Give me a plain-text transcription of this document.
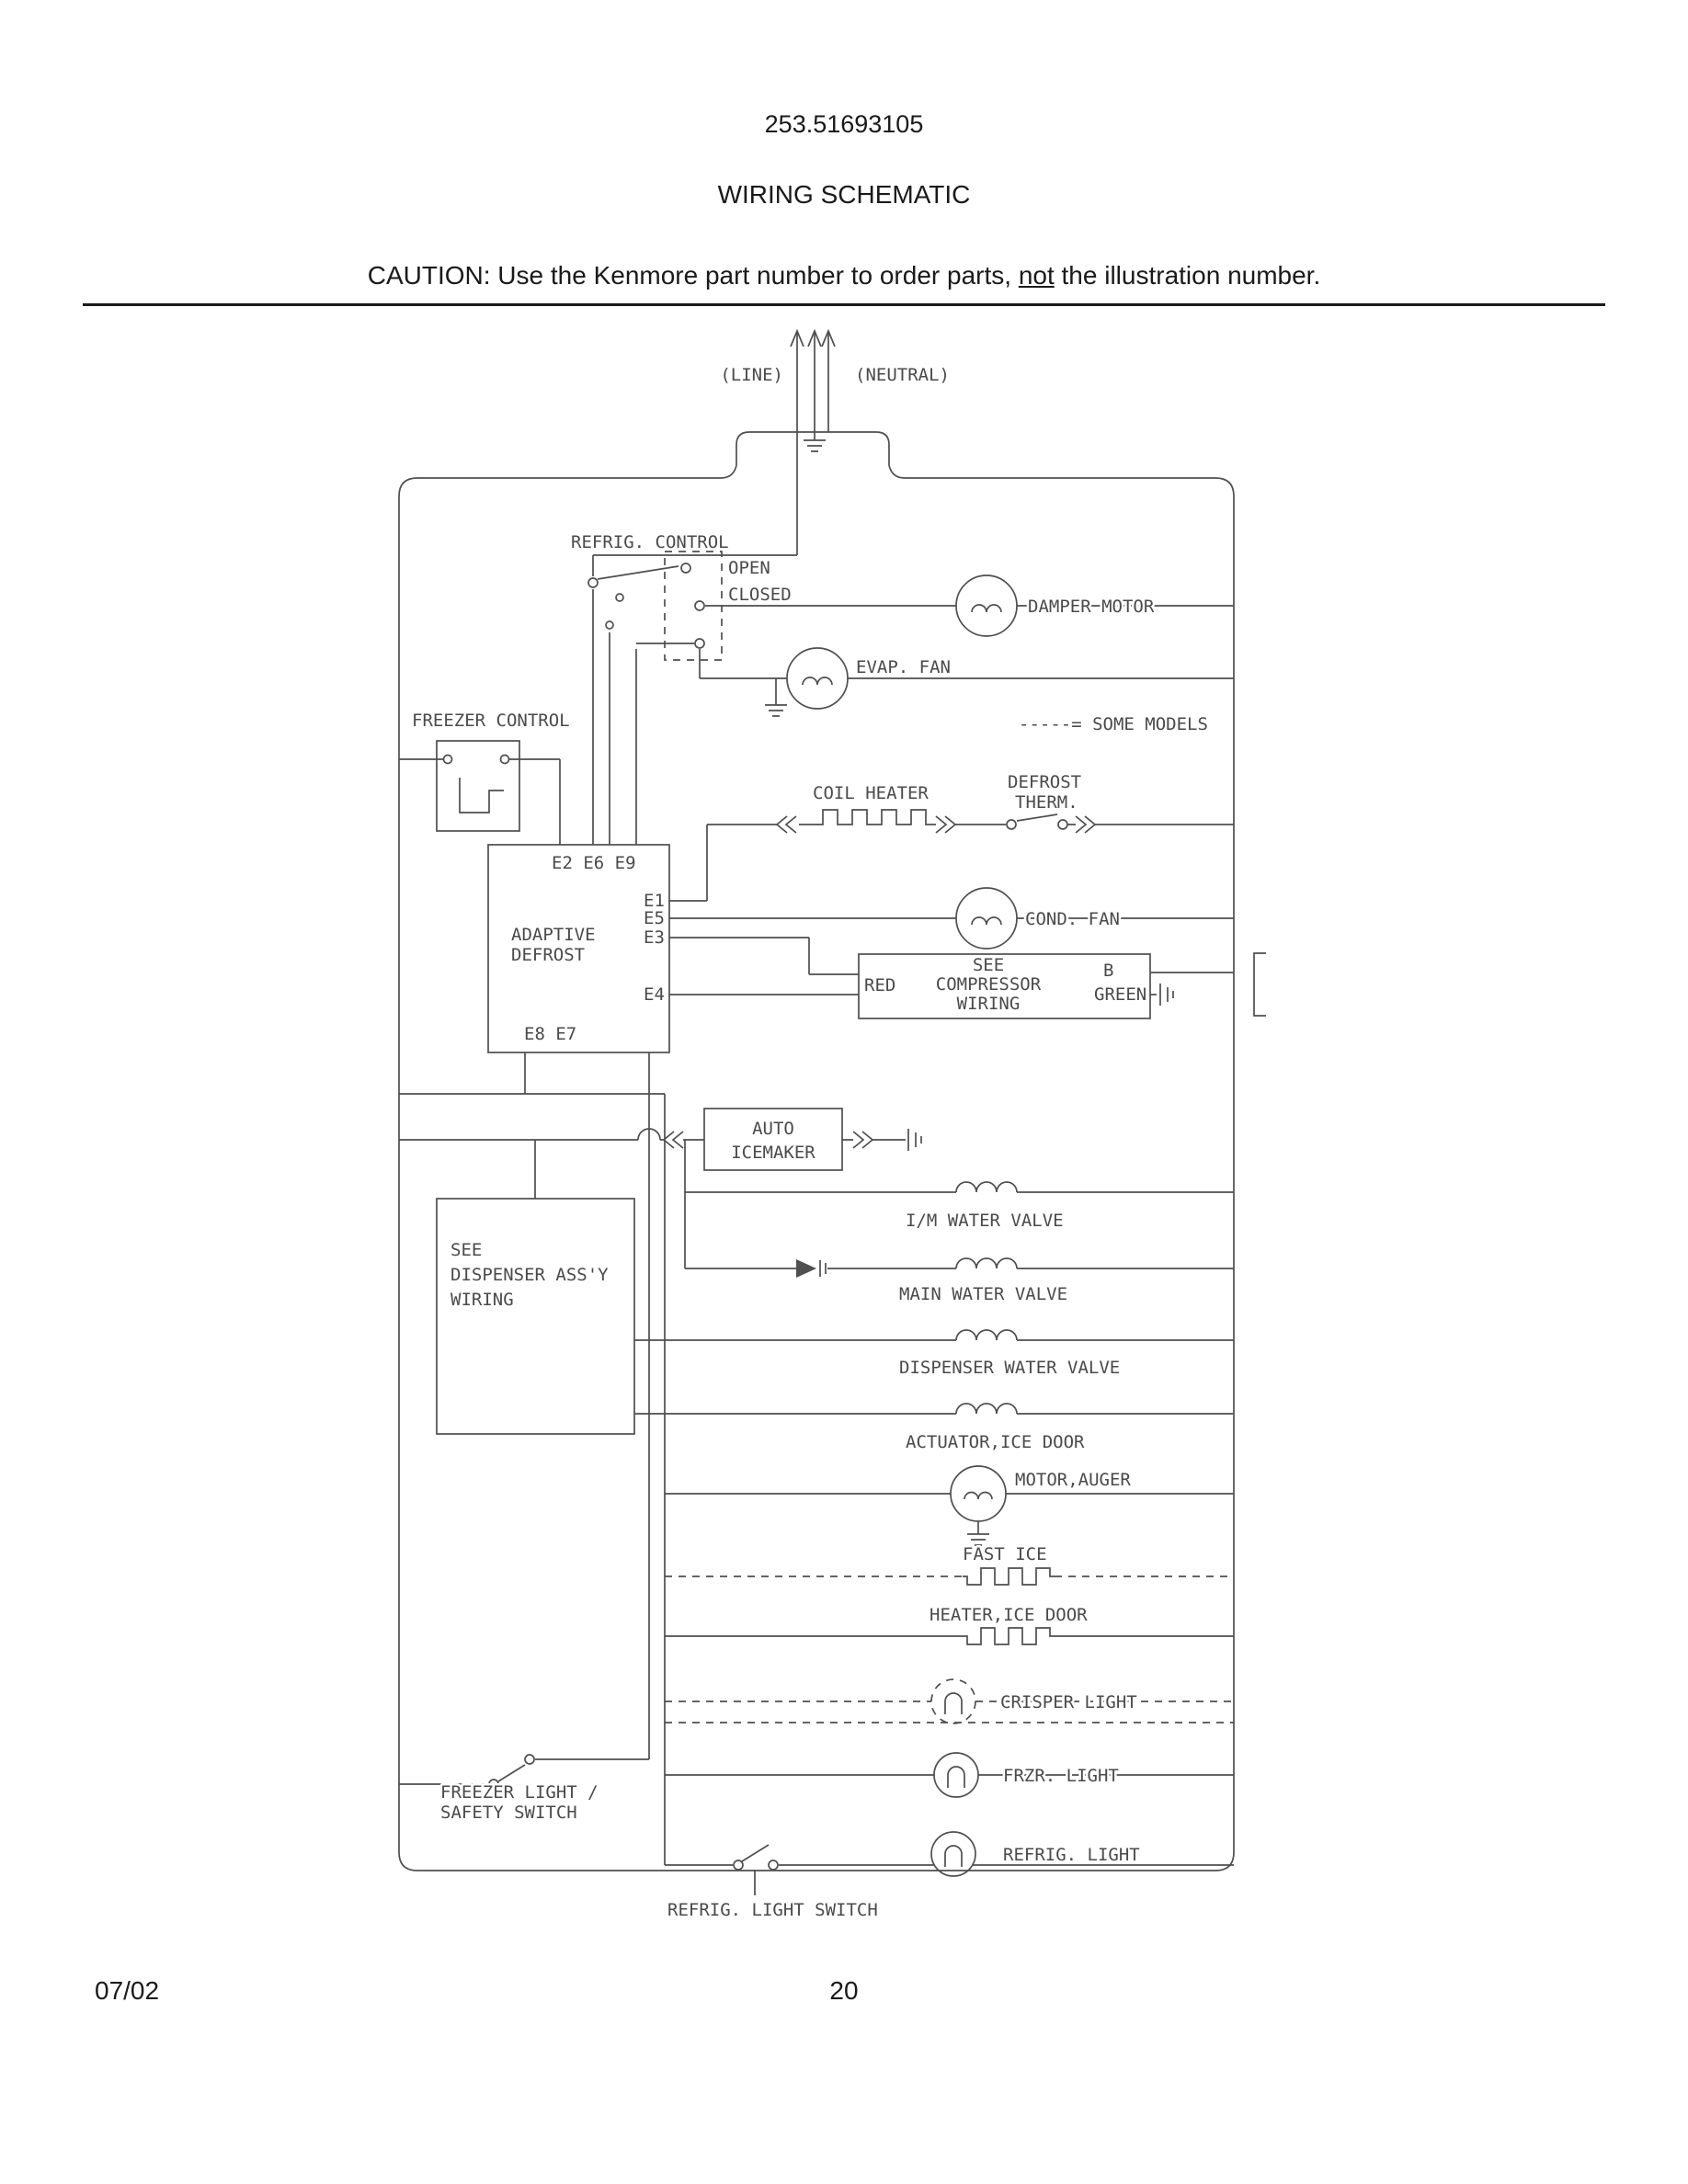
253.51693105
WIRING SCHEMATIC
CAUTION: Use the Kenmore part number to order parts, not the illustration number.
(LINE)	(NEUTRAL)
REFRIG. CONTROL
OPEN
CLOSED
DAMPER MOTOR
EVAP. FAN
FREEZER CONTROL	-----= SOME MODELS
COIL HEATER
DEFROST
THERM.
E2 E6 E9
E1
E5
E3
ADAPTIVE
DEFROST
E4
E8 E7
COND. FAN
SEE
COMPRESSOR
WIRING
RED
B
GREEN
AUTO
ICEMAKER
I/M WATER VALVE
MAIN WATER VALVE
DISPENSER WATER VALVE
ACTUATOR,ICE DOOR
MOTOR,AUGER
FAST ICE
HEATER,ICE DOOR
CRISPER LIGHT
FRZR. LIGHT
REFRIG. LIGHT
SEE
DISPENSER ASS'Y
WIRING
FREEZER LIGHT /
SAFETY SWITCH
REFRIG. LIGHT SWITCH
07/02	20
